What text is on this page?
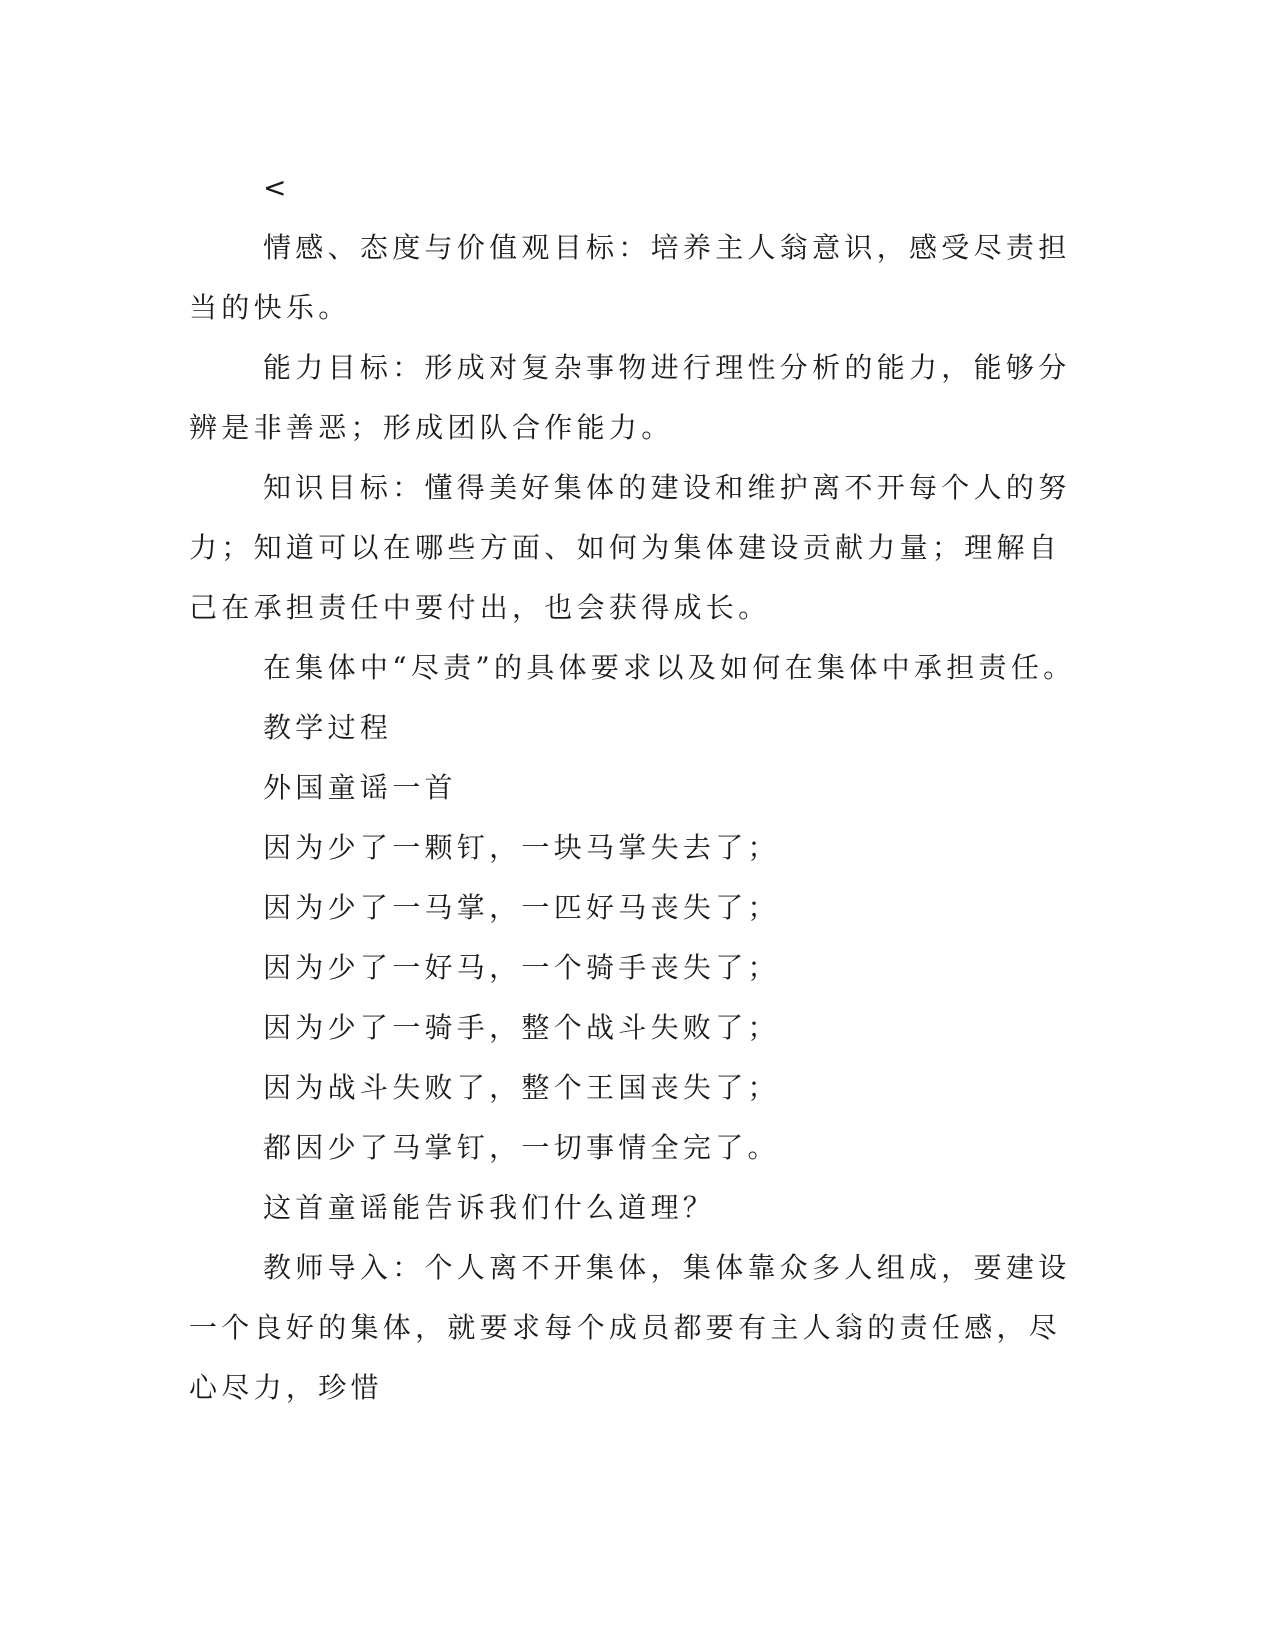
<

情感、态度与价值观目标：培养主人翁意识，感受尽责担当的快乐。

能力目标：形成对复杂事物进行理性分析的能力，能够分辨是非善恶；形成团队合作能力。

知识目标：懂得美好集体的建设和维护离不开每个人的努力；知道可以在哪些方面、如何为集体建设贡献力量；理解自己在承担责任中要付出，也会获得成长。

在集体中“尽责”的具体要求以及如何在集体中承担责任。

教学过程

外国童谣一首

因为少了一颗钉，一块马掌失去了；

因为少了一马掌，一匹好马丧失了；

因为少了一好马，一个骑手丧失了；

因为少了一骑手，整个战斗失败了；

因为战斗失败了，整个王国丧失了；

都因少了马掌钉，一切事情全完了。

这首童谣能告诉我们什么道理？

教师导入：个人离不开集体，集体靠众多人组成，要建设一个良好的集体，就要求每个成员都要有主人翁的责任感，尽心尽力，珍惜
